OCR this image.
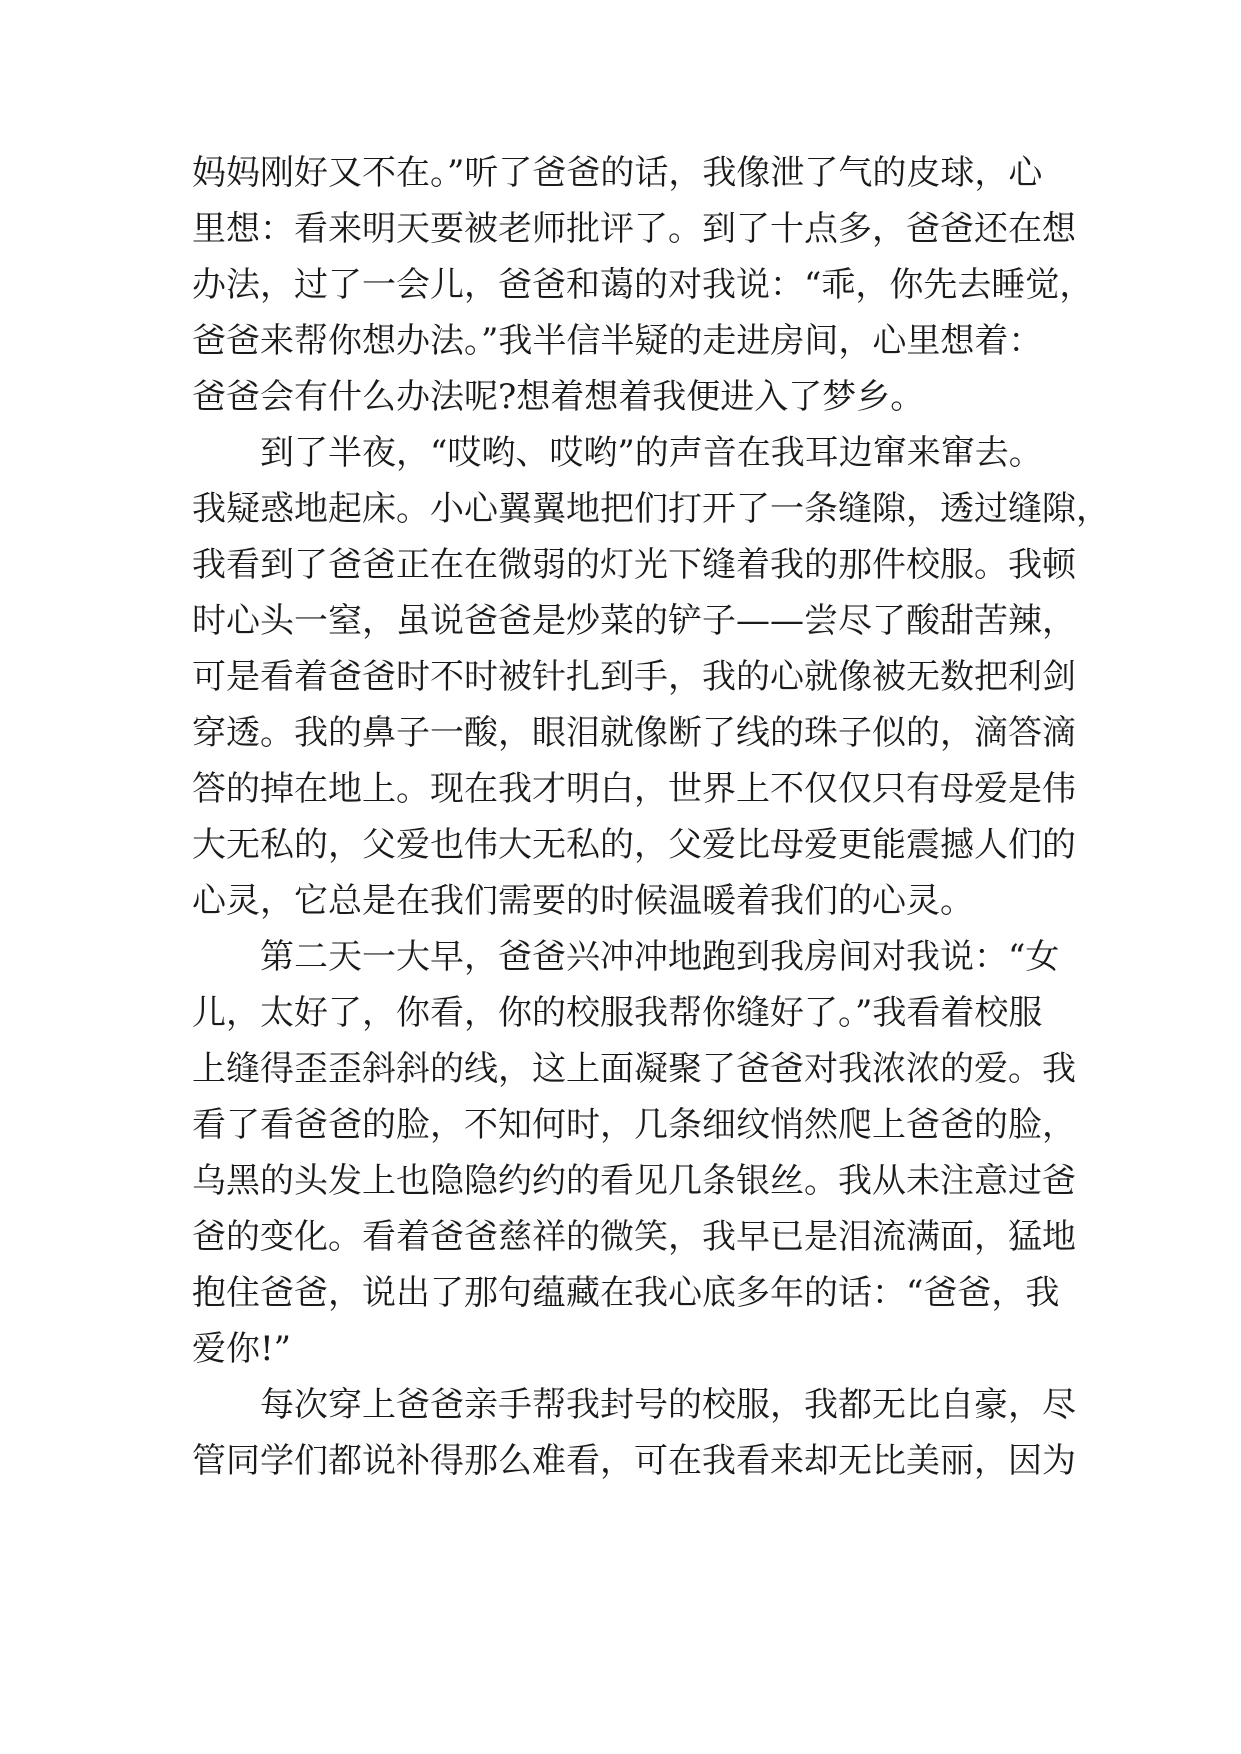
妈妈刚好又不在。”听了爸爸的话，我像泄了气的皮球，心
里想：看来明天要被老师批评了。到了十点多，爸爸还在想
办法，过了一会儿，爸爸和蔼的对我说：“乖，你先去睡觉，
爸爸来帮你想办法。”我半信半疑的走进房间，心里想着：
爸爸会有什么办法呢?想着想着我便进入了梦乡。
到了半夜，“哎哟、哎哟”的声音在我耳边窜来窜去。
我疑惑地起床。小心翼翼地把们打开了一条缝隙，透过缝隙，
我看到了爸爸正在在微弱的灯光下缝着我的那件校服。我顿
时心头一窒，虽说爸爸是炒菜的铲子——尝尽了酸甜苦辣，
可是看着爸爸时不时被针扎到手，我的心就像被无数把利剑
穿透。我的鼻子一酸，眼泪就像断了线的珠子似的，滴答滴
答的掉在地上。现在我才明白，世界上不仅仅只有母爱是伟
大无私的，父爱也伟大无私的，父爱比母爱更能震撼人们的
心灵，它总是在我们需要的时候温暖着我们的心灵。
第二天一大早，爸爸兴冲冲地跑到我房间对我说：“女
儿，太好了，你看，你的校服我帮你缝好了。”我看着校服
上缝得歪歪斜斜的线，这上面凝聚了爸爸对我浓浓的爱。我
看了看爸爸的脸，不知何时，几条细纹悄然爬上爸爸的脸，
乌黑的头发上也隐隐约约的看见几条银丝。我从未注意过爸
爸的变化。看着爸爸慈祥的微笑，我早已是泪流满面，猛地
抱住爸爸，说出了那句蕴藏在我心底多年的话：“爸爸，我
爱你!”
每次穿上爸爸亲手帮我封号的校服，我都无比自豪，尽
管同学们都说补得那么难看，可在我看来却无比美丽，因为
